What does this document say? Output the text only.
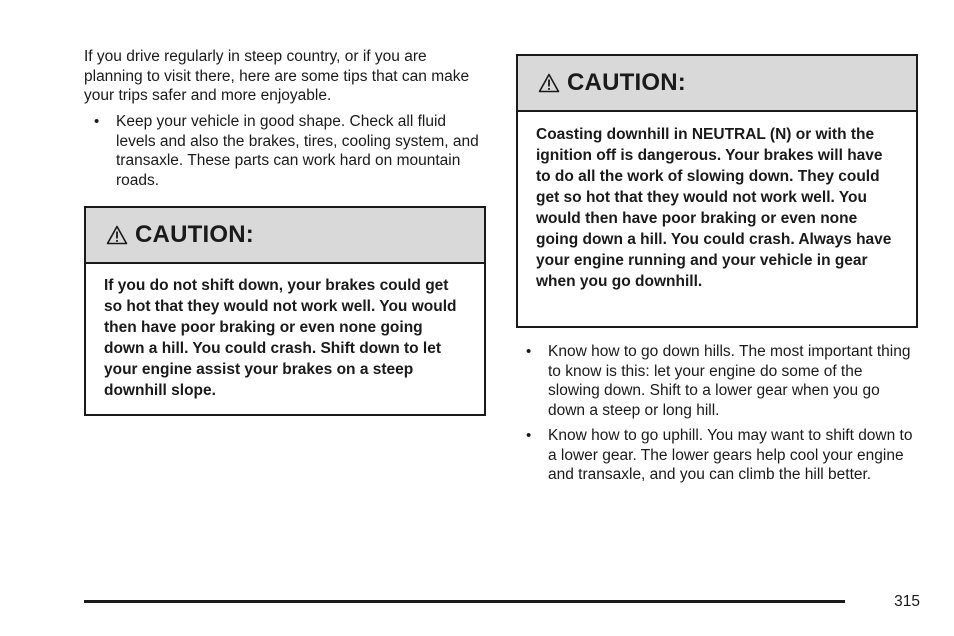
If you drive regularly in steep country, or if you are planning to visit there, here are some tips that can make your trips safer and more enjoyable.

• Keep your vehicle in good shape. Check all fluid levels and also the brakes, tires, cooling system, and transaxle. These parts can work hard on mountain roads.
CAUTION:
If you do not shift down, your brakes could get so hot that they would not work well. You would then have poor braking or even none going down a hill. You could crash. Shift down to let your engine assist your brakes on a steep downhill slope.
CAUTION:
Coasting downhill in NEUTRAL (N) or with the ignition off is dangerous. Your brakes will have to do all the work of slowing down. They could get so hot that they would not work well. You would then have poor braking or even none going down a hill. You could crash. Always have your engine running and your vehicle in gear when you go downhill.
• Know how to go down hills. The most important thing to know is this: let your engine do some of the slowing down. Shift to a lower gear when you go down a steep or long hill.
• Know how to go uphill. You may want to shift down to a lower gear. The lower gears help cool your engine and transaxle, and you can climb the hill better.
315
